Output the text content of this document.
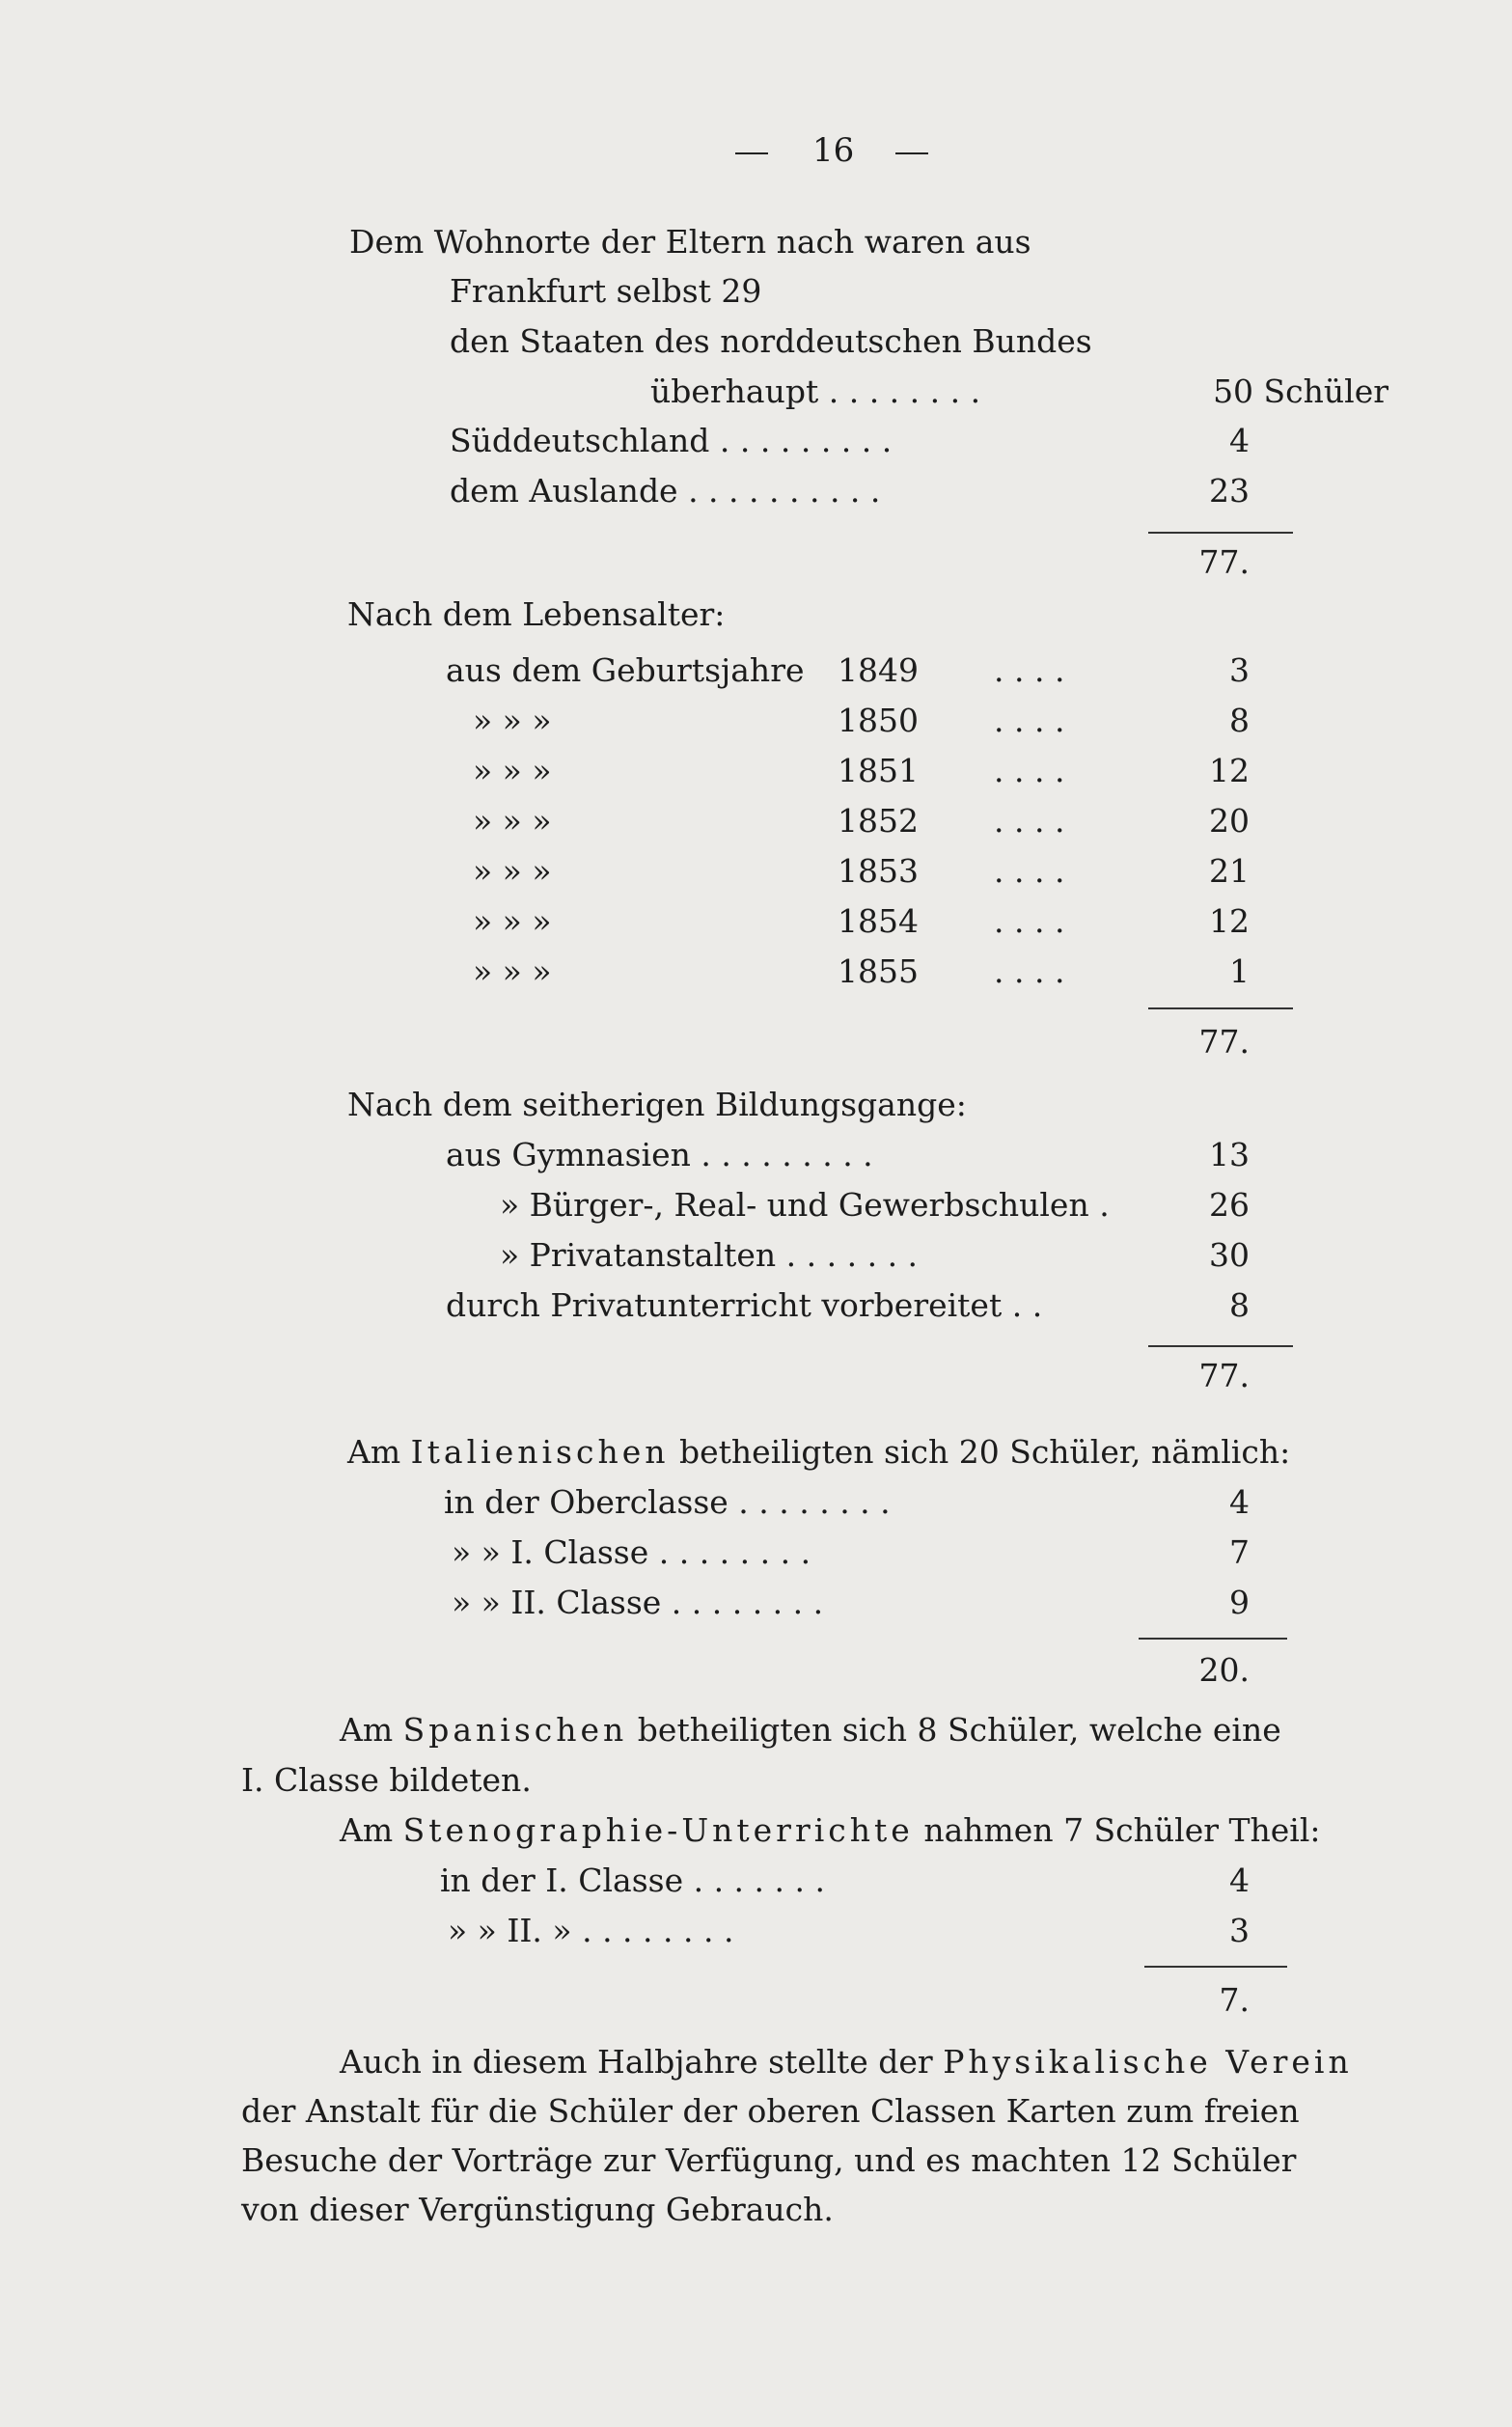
16
Dem Wohnorte der Eltern nach waren aus
Frankfurt selbst 29
den Staaten des norddeutschen Bundes
überhaupt . . . . . . . .	50 Schüler
Süddeutschland . . . . . . . . .	4
dem Auslande . . . . . . . . . .	23
77.
Nach dem Lebensalter:
aus dem Geburtsjahre 1849 . . . .	3
» » »	1850 . . . .	8
» » »	1851 . . . .	12
» » »	1852 . . . .	20
» » »	1853 . . . .	21
» » »	1854 . . . .	12
» » »	1855 . . . .	1
77.
Nach dem seitherigen Bildungsgange:
aus Gymnasien . . . . . . . . .	13
» Bürger-, Real- und Gewerbschulen .	26
» Privatanstalten . . . . . . .	30
durch Privatunterricht vorbereitet . .	8
77.
Am Italienischen betheiligten sich 20 Schüler, nämlich:
in der Oberclasse . . . . . . . .	4
» » I. Classe . . . . . . . .	7
» » II. Classe . . . . . . . .	9
20.
Am Spanischen betheiligten sich 8 Schüler, welche eine
I. Classe bildeten.
Am Stenographie-Unterrichte nahmen 7 Schüler Theil:
in der I. Classe . . . . . . .	4
» » II. » . . . . . . . .	3
7.
Auch in diesem Halbjahre stellte der Physikalische Verein
der Anstalt für die Schüler der oberen Classen Karten zum freien
Besuche der Vorträge zur Verfügung, und es machten 12 Schüler
von dieser Vergünstigung Gebrauch.
